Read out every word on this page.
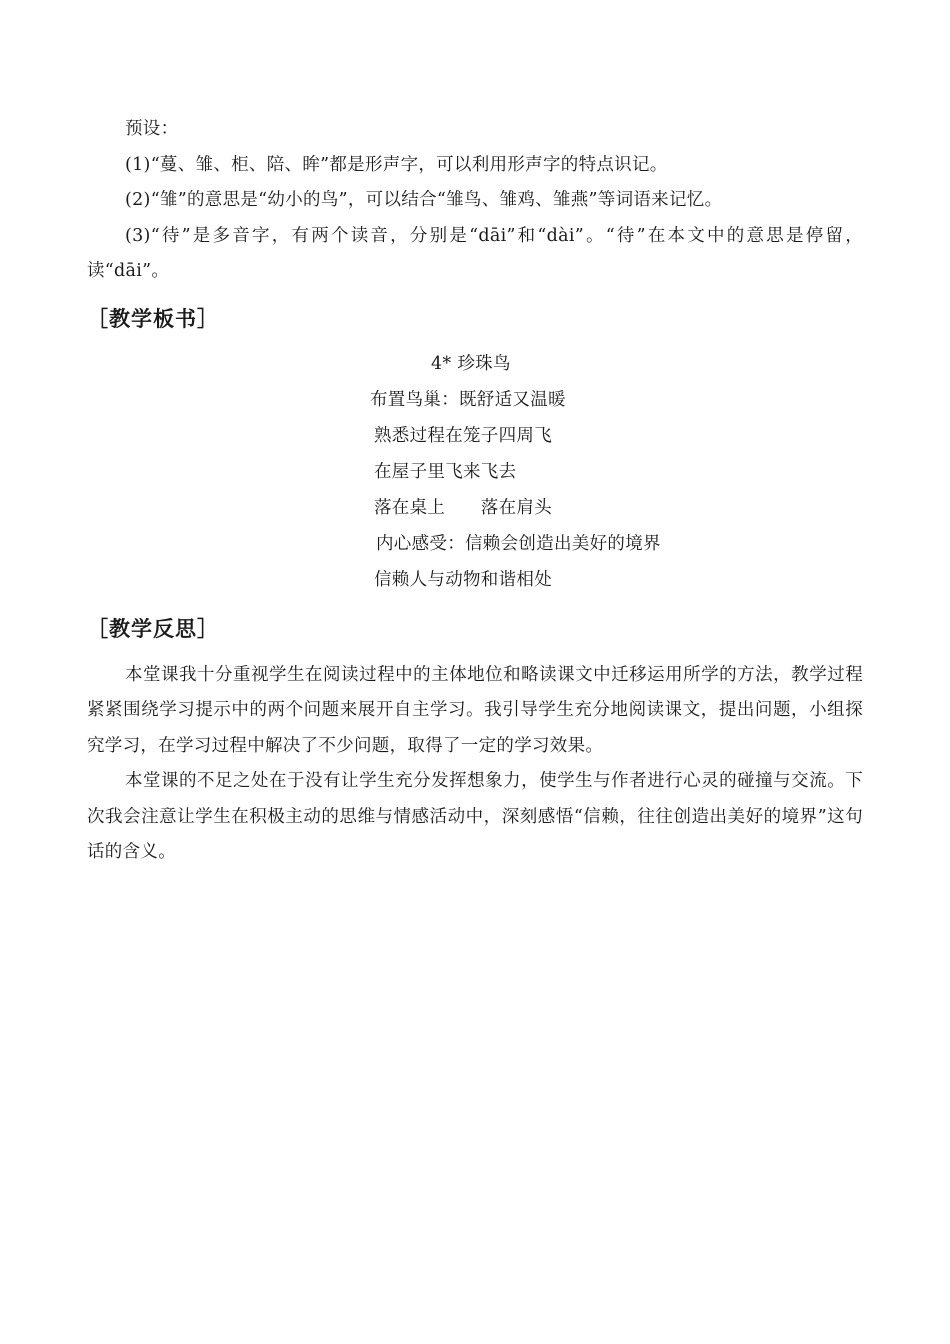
预设：

(1)“蔓、雏、柜、陪、眸”都是形声字，可以利用形声字的特点识记。

(2)“雏”的意思是“幼小的鸟”，可以结合“雏鸟、雏鸡、雏燕”等词语来记忆。

(3)“待”是多音字，有两个读音，分别是“dāi”和“dài”。“待”在本文中的意思是停留，读“dāi”。

［教学板书］
4* 珍珠鸟
布置鸟巢：既舒适又温暖
熟悉过程在笼子四周飞
在屋子里飞来飞去
落在桌上　　落在肩头
内心感受：信赖会创造出美好的境界
信赖人与动物和谐相处
［教学反思］

本堂课我十分重视学生在阅读过程中的主体地位和略读课文中迁移运用所学的方法，教学过程紧紧围绕学习提示中的两个问题来展开自主学习。我引导学生充分地阅读课文，提出问题，小组探究学习，在学习过程中解决了不少问题，取得了一定的学习效果。

本堂课的不足之处在于没有让学生充分发挥想象力，使学生与作者进行心灵的碰撞与交流。下次我会注意让学生在积极主动的思维与情感活动中，深刻感悟“信赖，往往创造出美好的境界”这句话的含义。
